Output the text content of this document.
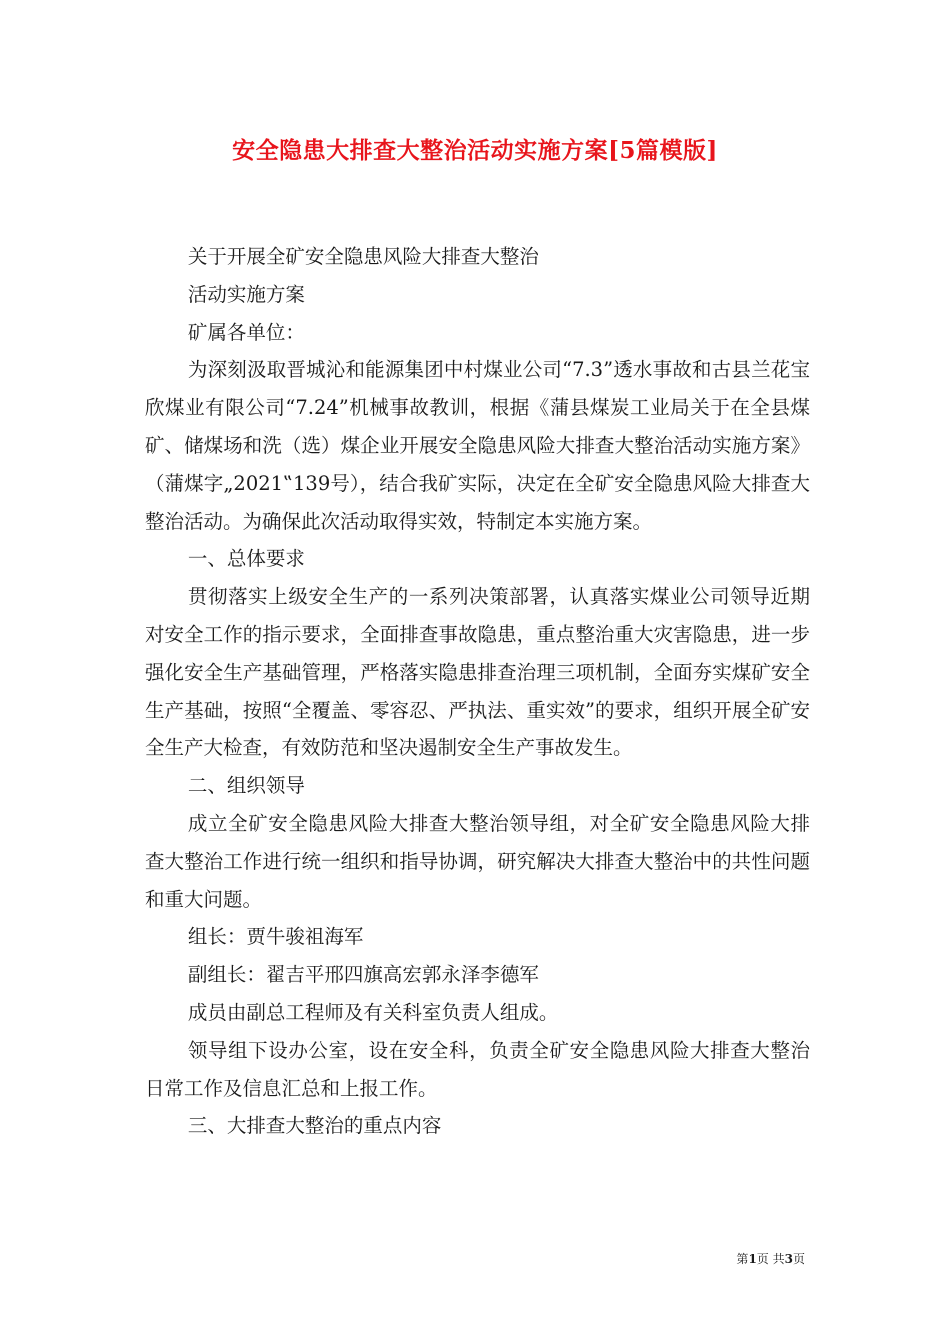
安全隐患大排查大整治活动实施方案[5篇模版]

关于开展全矿安全隐患风险大排查大整治

活动实施方案

矿属各单位：

为深刻汲取晋城沁和能源集团中村煤业公司“7.3”透水事故和古县兰花宝欣煤业有限公司“7.24”机械事故教训，根据《蒲县煤炭工业局关于在全县煤矿、储煤场和洗（选）煤企业开展安全隐患风险大排查大整治活动实施方案》（蒲煤字„2021‟139号），结合我矿实际，决定在全矿安全隐患风险大排查大整治活动。为确保此次活动取得实效，特制定本实施方案。

一、总体要求

贯彻落实上级安全生产的一系列决策部署，认真落实煤业公司领导近期对安全工作的指示要求，全面排查事故隐患，重点整治重大灾害隐患，进一步强化安全生产基础管理，严格落实隐患排查治理三项机制，全面夯实煤矿安全生产基础，按照“全覆盖、零容忍、严执法、重实效”的要求，组织开展全矿安全生产大检查，有效防范和坚决遏制安全生产事故发生。

二、组织领导

成立全矿安全隐患风险大排查大整治领导组，对全矿安全隐患风险大排查大整治工作进行统一组织和指导协调，研究解决大排查大整治中的共性问题和重大问题。

组长：贾牛骏祖海军

副组长：翟吉平邢四旗高宏郭永泽李德军

成员由副总工程师及有关科室负责人组成。

领导组下设办公室，设在安全科，负责全矿安全隐患风险大排查大整治日常工作及信息汇总和上报工作。

三、大排查大整治的重点内容

第1页 共3页
